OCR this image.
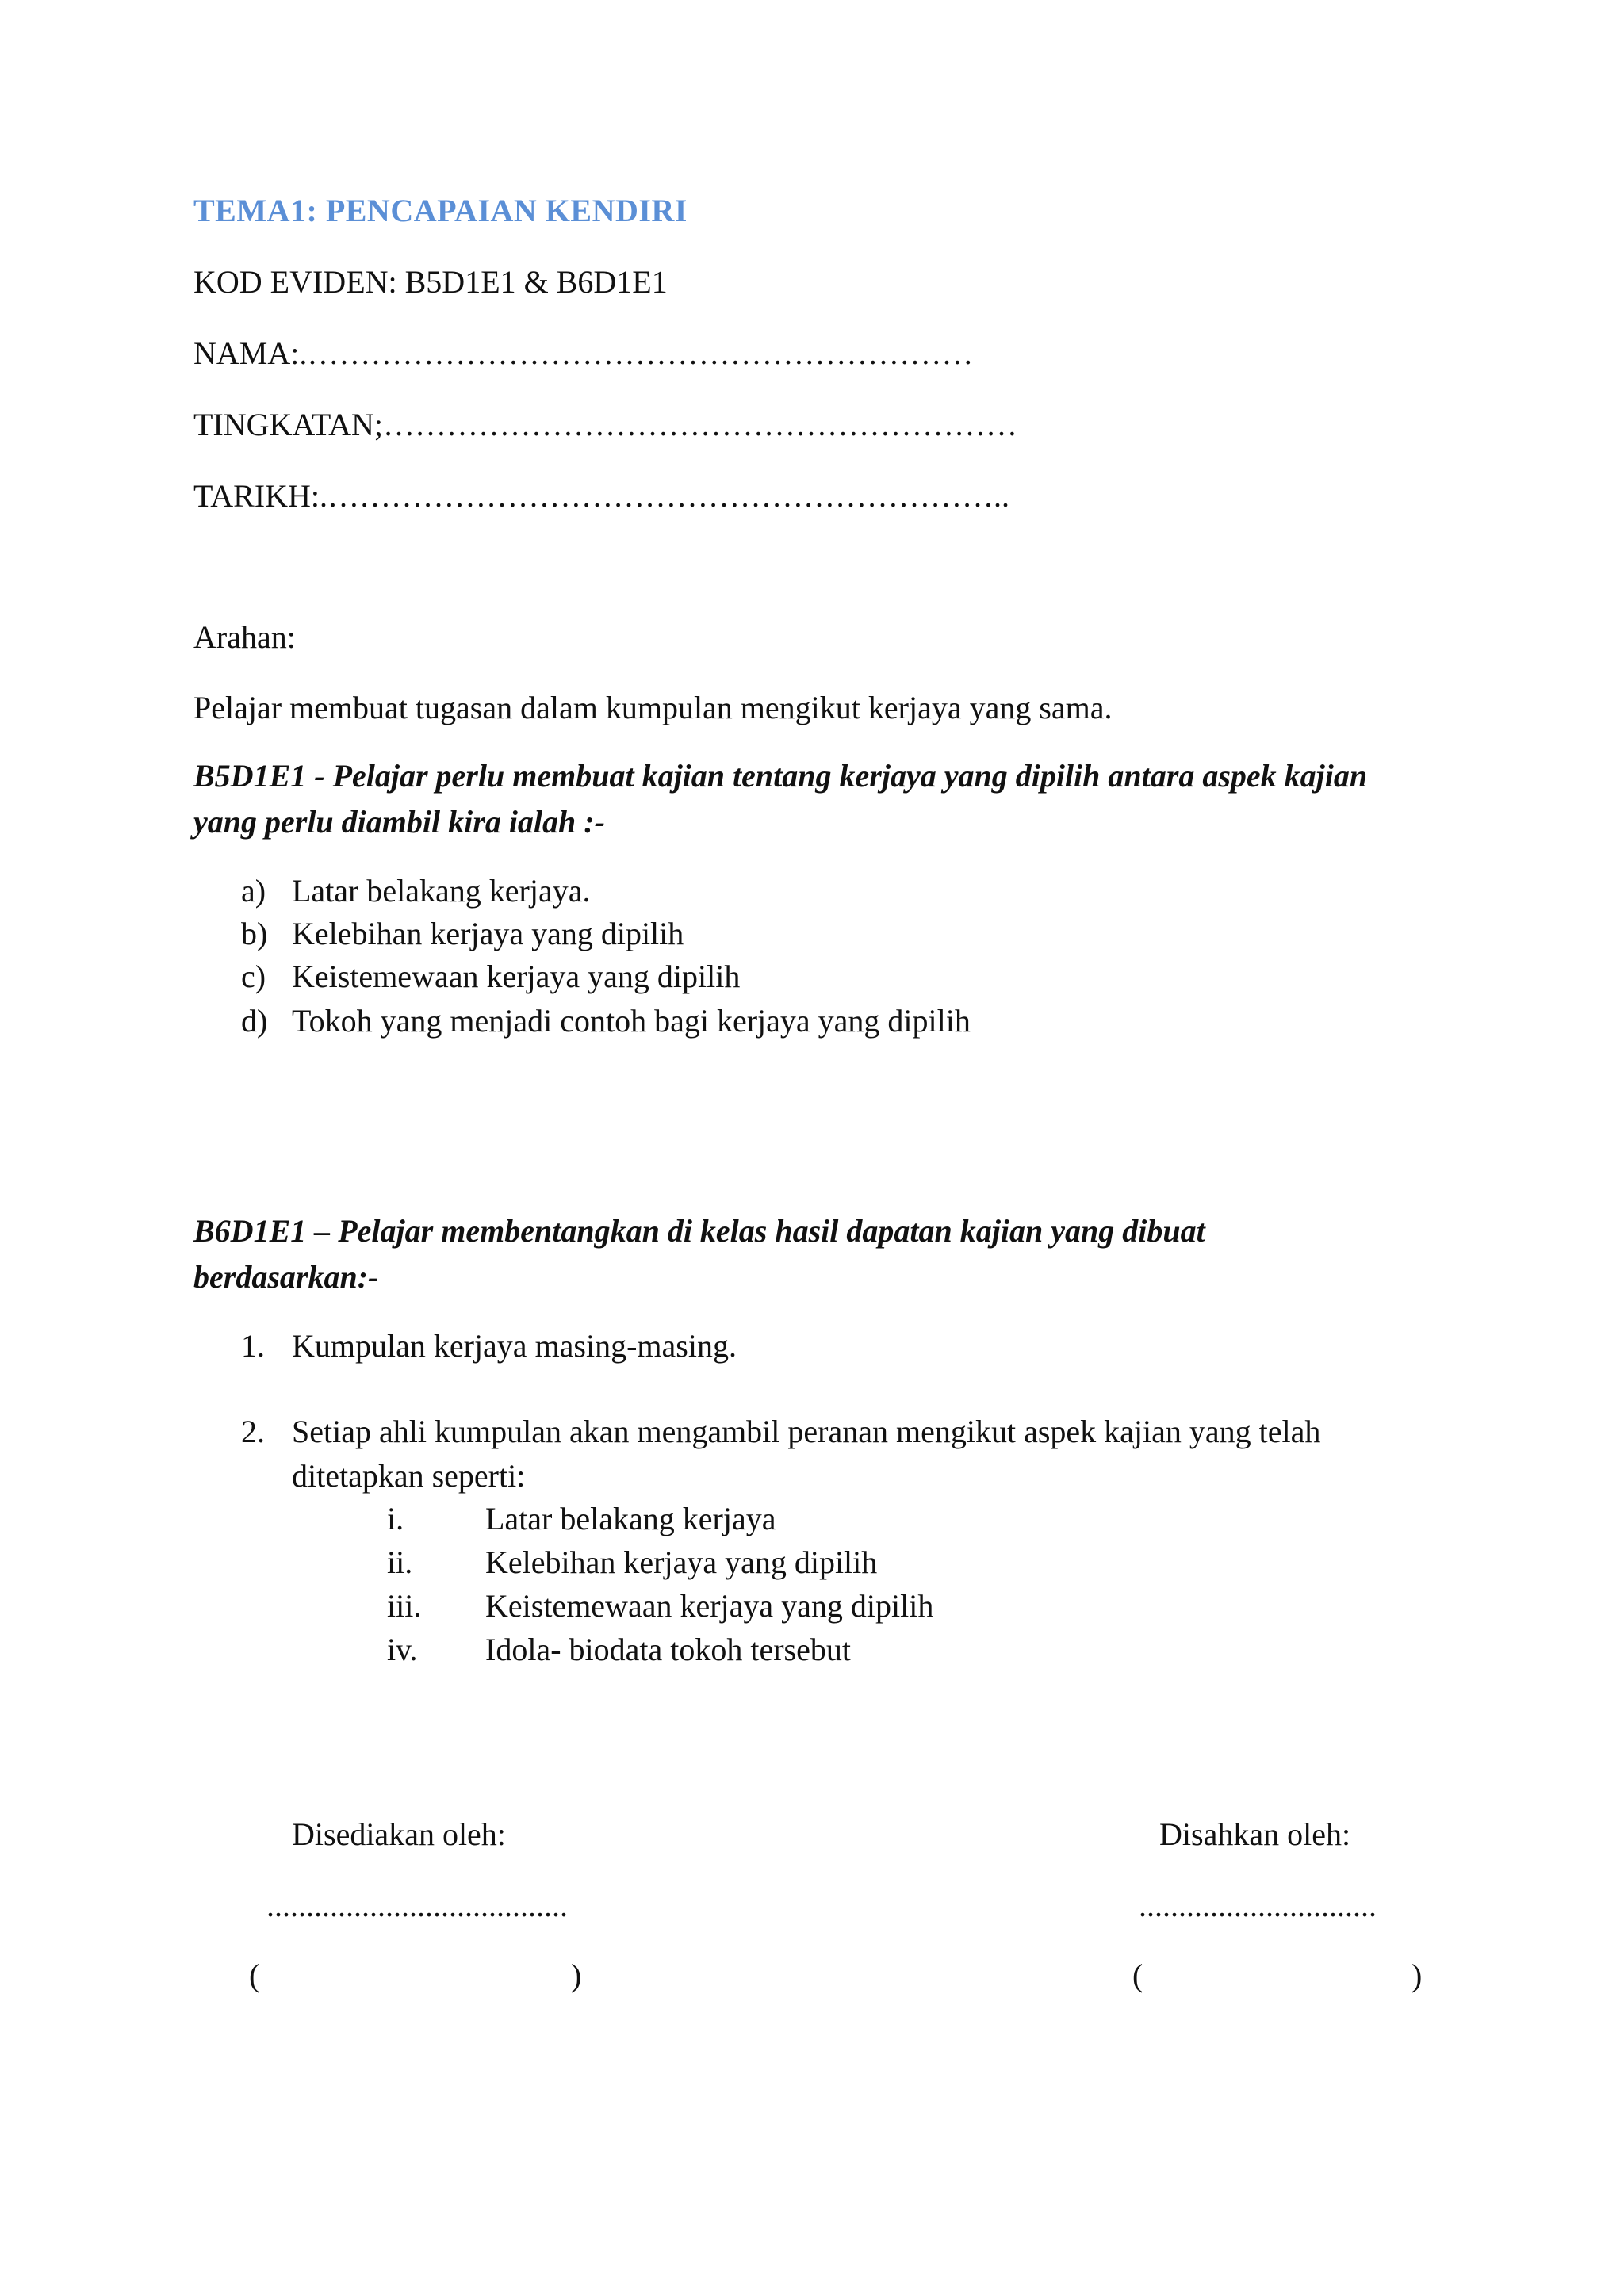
TEMA1: PENCAPAIAN KENDIRI
KOD EVIDEN: B5D1E1 & B6D1E1
NAMA:.………………………………………………………
TINGKATAN;……………………………………………………
TARIKH:.………………………………………………………..
Arahan:
Pelajar membuat tugasan dalam kumpulan mengikut kerjaya yang sama.
B5D1E1 - Pelajar perlu membuat kajian tentang kerjaya yang dipilih antara aspek kajian
yang perlu diambil kira ialah :-
a) Latar belakang kerjaya.
b) Kelebihan kerjaya yang dipilih
c) Keistemewaan kerjaya yang dipilih
d) Tokoh yang menjadi contoh bagi kerjaya yang dipilih
B6D1E1 – Pelajar membentangkan di kelas hasil dapatan kajian yang dibuat
berdasarkan:-
1. Kumpulan kerjaya masing-masing.
2. Setiap ahli kumpulan akan mengambil peranan mengikut aspek kajian yang telah
ditetapkan seperti:
i.	Latar belakang kerjaya
ii. Kelebihan kerjaya yang dipilih
iii. Keistemewaan kerjaya yang dipilih
iv. Idola- biodata tokoh tersebut
Disediakan oleh:	Disahkan oleh:
......................................	..............................
(	)	(	)
